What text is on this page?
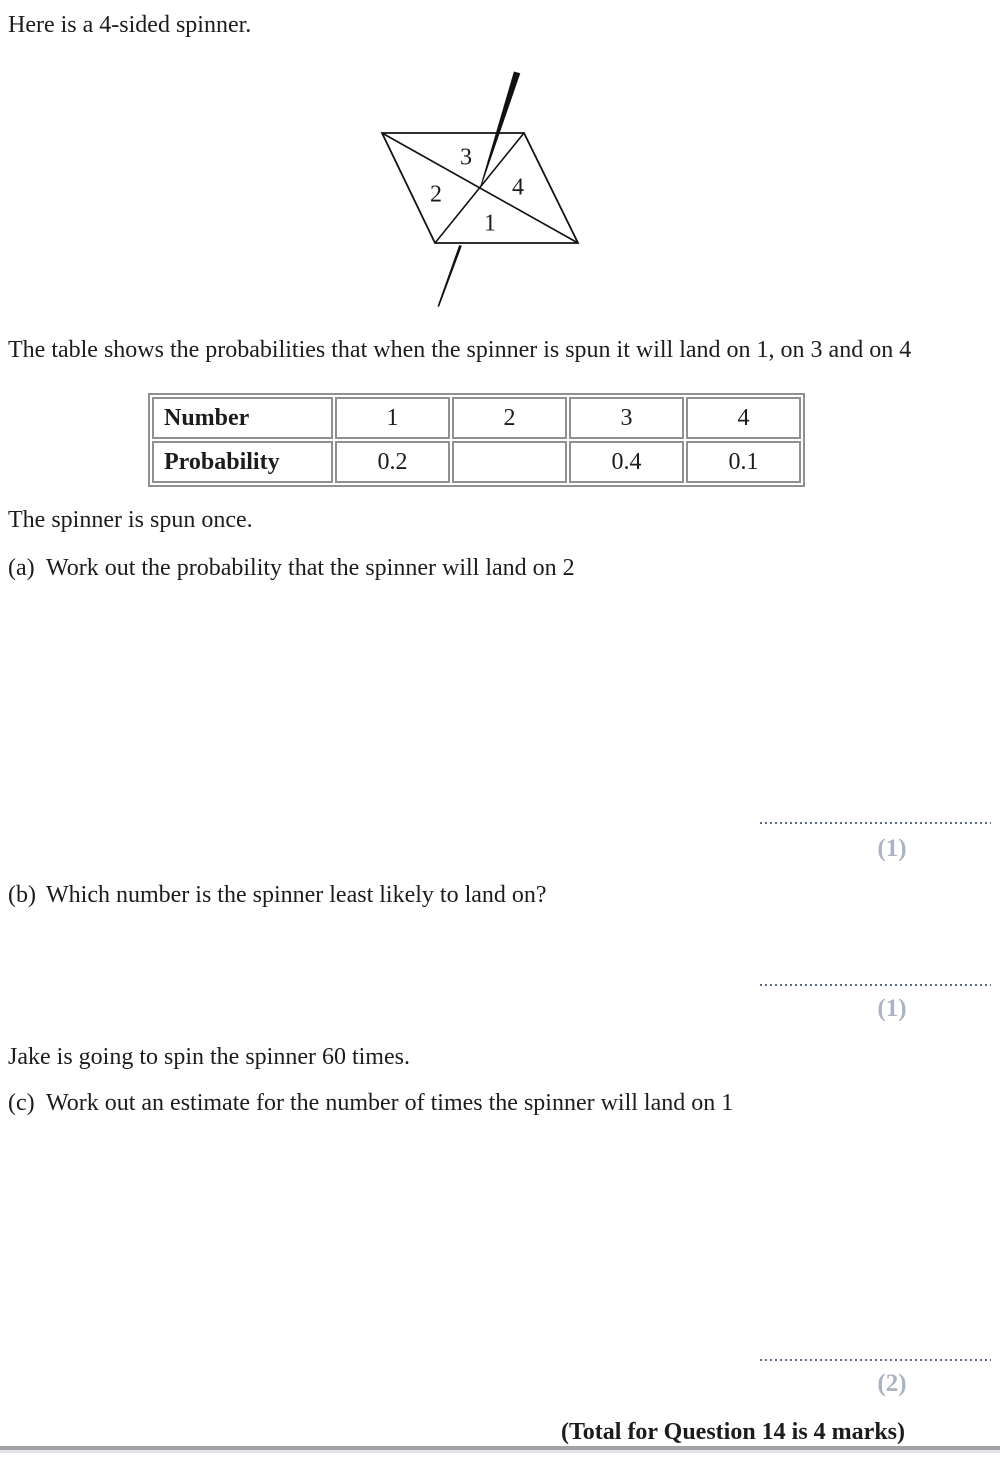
Here is a 4-sided spinner.
3
2	4
1
The table shows the probabilities that when the spinner is spun it will land on 1, on 3 and on 4
Number	1	2	3	4
Probability	0.2		0.4	0.1
The spinner is spun once.
(a) Work out the probability that the spinner will land on 2
(1)
(b) Which number is the spinner least likely to land on?
(1)
Jake is going to spin the spinner 60 times.
(c) Work out an estimate for the number of times the spinner will land on 1
(2)
(Total for Question 14 is 4 marks)
